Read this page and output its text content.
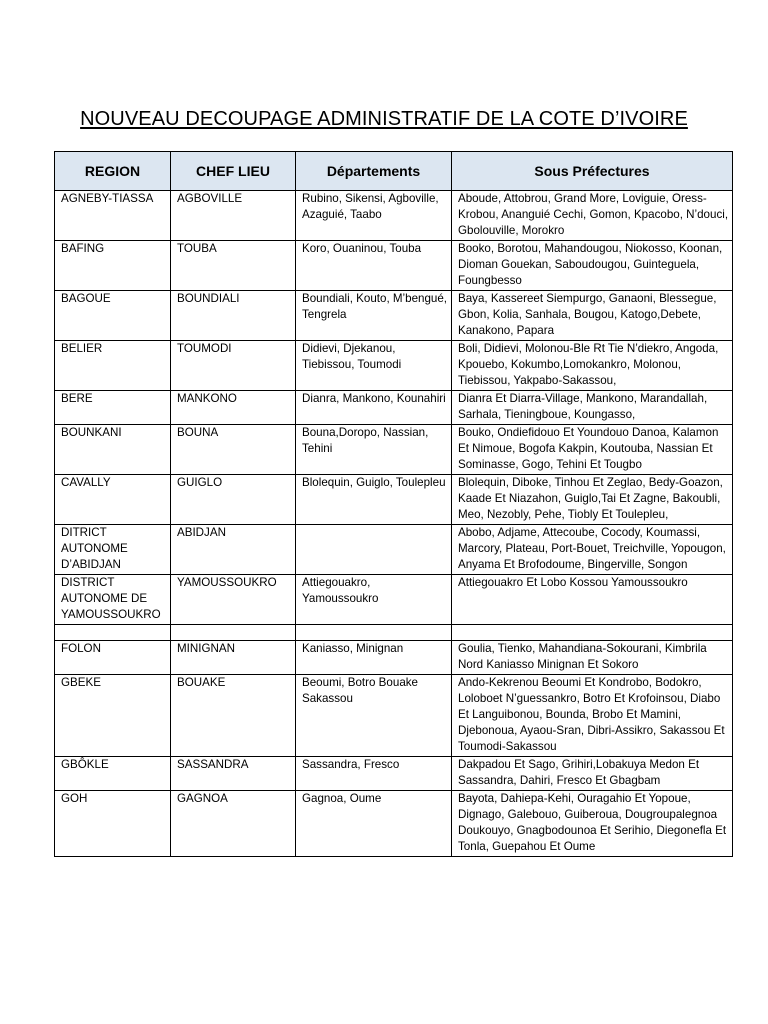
NOUVEAU DECOUPAGE ADMINISTRATIF DE LA COTE D’IVOIRE
REGION	CHEF LIEU	Départements	Sous Préfectures
AGNEBY-TIASSA	AGBOVILLE	Rubino, Sikensi, Agboville, Azaguié, Taabo	Aboude, Attobrou, Grand More, Loviguie, Oress-Krobou, Ananguié Cechi, Gomon, Kpacobo, N’douci, Gbolouville, Morokro
BAFING	TOUBA	Koro, Ouaninou, Touba	Booko, Borotou, Mahandougou, Niokosso, Koonan, Dioman Gouekan, Saboudougou, Guinteguela, Foungbesso
BAGOUE	BOUNDIALI	Boundiali, Kouto, M’bengué, Tengrela	Baya, Kassereet Siempurgo, Ganaoni, Blessegue, Gbon, Kolia, Sanhala, Bougou, Katogo,Debete, Kanakono, Papara
BELIER	TOUMODI	Didievi, Djekanou, Tiebissou, Toumodi	Boli, Didievi, Molonou-Ble Rt Tie N’diekro, Angoda, Kpouebo, Kokumbo,Lomokankro, Molonou, Tiebissou, Yakpabo-Sakassou,
BERE	MANKONO	Dianra, Mankono, Kounahiri	Dianra Et Diarra-Village, Mankono, Marandallah, Sarhala, Tieningboue, Koungasso,
BOUNKANI	BOUNA	Bouna,Doropo, Nassian, Tehini	Bouko, Ondiefidouo Et Youndouo Danoa, Kalamon Et Nimoue, Bogofa Kakpin, Koutouba, Nassian Et Sominasse, Gogo, Tehini Et Tougbo
CAVALLY	GUIGLO	Blolequin, Guiglo, Toulepleu	Blolequin, Diboke, Tinhou Et Zeglao, Bedy-Goazon, Kaade Et Niazahon, Guiglo,Tai Et Zagne, Bakoubli, Meo, Nezobly, Pehe, Tiobly Et Toulepleu,
DITRICT AUTONOME D’ABIDJAN	ABIDJAN		Abobo, Adjame, Attecoube, Cocody, Koumassi, Marcory, Plateau, Port-Bouet, Treichville, Yopougon, Anyama Et Brofodoume, Bingerville, Songon
DISTRICT AUTONOME DE YAMOUSSOUKRO	YAMOUSSOUKRO	Attiegouakro, Yamoussoukro	Attiegouakro Et Lobo Kossou Yamoussoukro

FOLON	MINIGNAN	Kaniasso, Minignan	Goulia, Tienko, Mahandiana-Sokourani, Kimbrila Nord Kaniasso Minignan Et Sokoro
GBEKE	BOUAKE	Beoumi, Botro Bouake Sakassou	Ando-Kekrenou Beoumi Et Kondrobo, Bodokro, Loloboet N’guessankro, Botro Et Krofoinsou, Diabo Et Languibonou, Bounda, Brobo Et Mamini, Djebonoua, Ayaou-Sran, Dibri-Assikro, Sakassou Et Toumodi-Sakassou
GBÔKLE	SASSANDRA	Sassandra, Fresco	Dakpadou Et Sago, Grihiri,Lobakuya Medon Et Sassandra, Dahiri, Fresco Et Gbagbam
GOH	GAGNOA	Gagnoa, Oume	Bayota, Dahiepa-Kehi, Ouragahio Et Yopoue, Dignago, Galebouo, Guiberoua, Dougroupalegnoa Doukouyo, Gnagbodounoa Et Serihio, Diegonefla Et Tonla, Guepahou Et Oume
